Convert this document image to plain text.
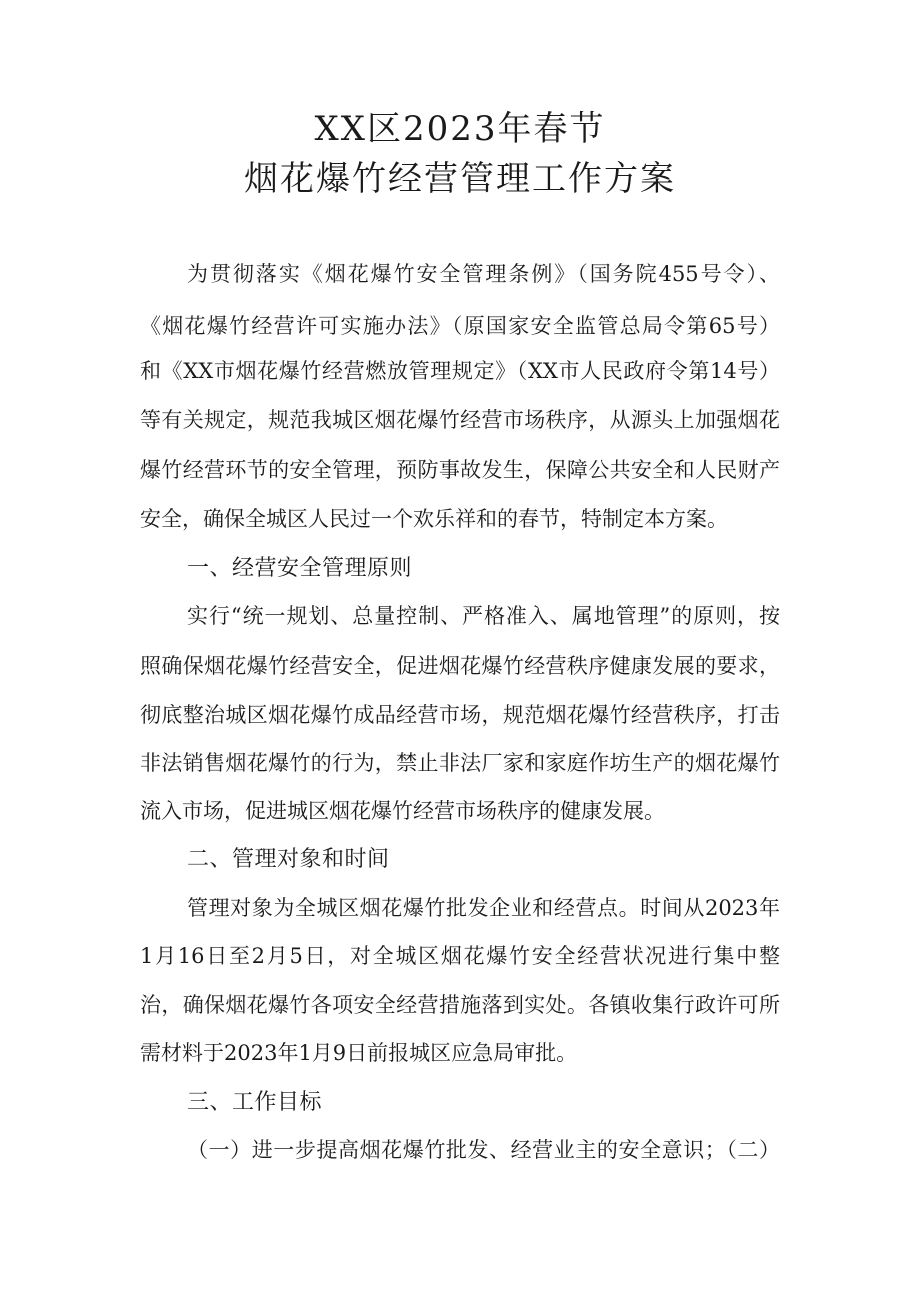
XX区2023年春节
烟花爆竹经营管理工作方案
为贯彻落实《烟花爆竹安全管理条例》（国务院455号令）、
《烟花爆竹经营许可实施办法》（原国家安全监管总局令第65号）
和《XX市烟花爆竹经营燃放管理规定》（XX市人民政府令第14号）
等有关规定，规范我城区烟花爆竹经营市场秩序，从源头上加强烟花
爆竹经营环节的安全管理，预防事故发生，保障公共安全和人民财产
安全，确保全城区人民过一个欢乐祥和的春节，特制定本方案。
一、经营安全管理原则
实行“统一规划、总量控制、严格准入、属地管理”的原则，按
照确保烟花爆竹经营安全，促进烟花爆竹经营秩序健康发展的要求，
彻底整治城区烟花爆竹成品经营市场，规范烟花爆竹经营秩序，打击
非法销售烟花爆竹的行为，禁止非法厂家和家庭作坊生产的烟花爆竹
流入市场，促进城区烟花爆竹经营市场秩序的健康发展。
二、管理对象和时间
管理对象为全城区烟花爆竹批发企业和经营点。时间从2023年
1月16日至2月5日，对全城区烟花爆竹安全经营状况进行集中整
治，确保烟花爆竹各项安全经营措施落到实处。各镇收集行政许可所
需材料于2023年1月9日前报城区应急局审批。
三、工作目标
（一）进一步提高烟花爆竹批发、经营业主的安全意识；（二）
